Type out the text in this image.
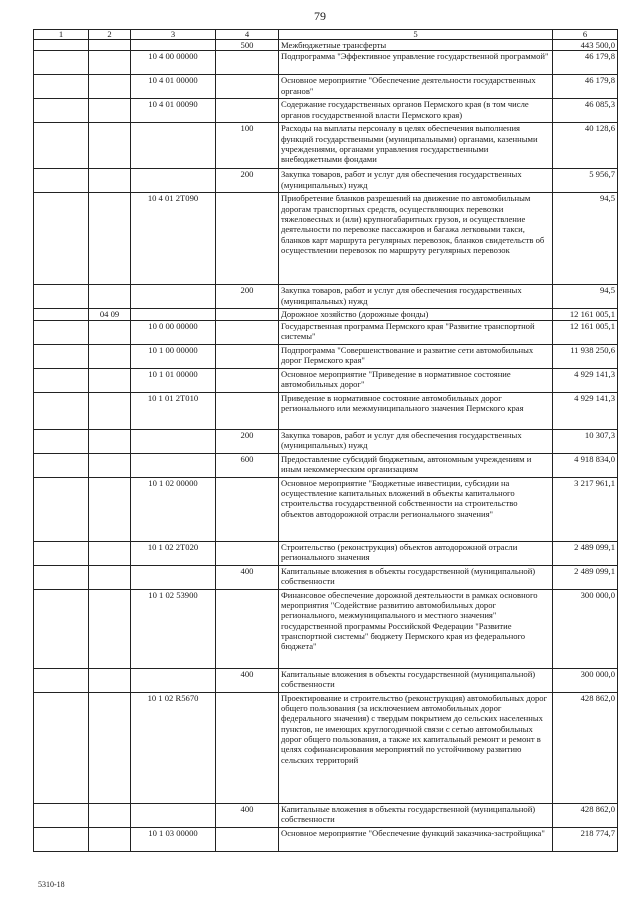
79
1	2	3	4	5	6
			500	Межбюджетные трансферты	443 500,0
		10 4 00 00000		Подпрограмма "Эффективное управление государственной программой"	46 179,8
		10 4 01 00000		Основное мероприятие "Обеспечение деятельности государственных органов"	46 179,8
		10 4 01 00090		Содержание государственных органов Пермского края (в том числе органов государственной власти Пермского края)	46 085,3
			100	Расходы на выплаты персоналу в целях обеспечения выполнения функций государственными (муниципальными) органами, казенными учреждениями, органами управления государственными внебюджетными фондами	40 128,6
			200	Закупка товаров, работ и услуг для обеспечения государственных (муниципальных) нужд	5 956,7
		10 4 01 2Т090		Приобретение бланков разрешений на движение по автомобильным дорогам транспортных средств, осуществляющих перевозки тяжеловесных и (или) крупногабаритных грузов, и осуществление деятельности по перевозке пассажиров и багажа легковыми такси, бланков карт маршрута регулярных перевозок, бланков свидетельств об осуществлении перевозок по маршруту регулярных перевозок	94,5
			200	Закупка товаров, работ и услуг для обеспечения государственных (муниципальных) нужд	94,5
	04 09			Дорожное хозяйство (дорожные фонды)	12 161 005,1
		10 0 00 00000		Государственная программа Пермского края "Развитие транспортной системы"	12 161 005,1
		10 1 00 00000		Подпрограмма "Совершенствование и развитие сети автомобильных дорог Пермского края"	11 938 250,6
		10 1 01 00000		Основное мероприятие "Приведение в нормативное состояние автомобильных дорог"	4 929 141,3
		10 1 01 2Т010		Приведение в нормативное состояние автомобильных дорог регионального или межмуниципального значения Пермского края	4 929 141,3
			200	Закупка товаров, работ и услуг для обеспечения государственных (муниципальных) нужд	10 307,3
			600	Предоставление субсидий бюджетным, автономным учреждениям и иным некоммерческим организациям	4 918 834,0
		10 1 02 00000		Основное мероприятие "Бюджетные инвестиции, субсидии на осуществление капитальных вложений в объекты капитального строительства государственной собственности на строительство объектов автодорожной отрасли регионального значения"	3 217 961,1
		10 1 02 2Т020		Строительство (реконструкция) объектов автодорожной отрасли регионального значения	2 489 099,1
			400	Капитальные вложения в объекты государственной (муниципальной) собственности	2 489 099,1
		10 1 02 53900		Финансовое обеспечение дорожной деятельности в рамках основного мероприятия "Содействие развитию автомобильных дорог регионального, межмуниципального и местного значения" государственной программы Российской Федерации "Развитие транспортной системы" бюджету Пермского края из федерального бюджета"	300 000,0
			400	Капитальные вложения в объекты государственной (муниципальной) собственности	300 000,0
		10 1 02 R5670		Проектирование и строительство (реконструкция) автомобильных дорог общего пользования (за исключением автомобильных дорог федерального значения) с твердым покрытием до сельских населенных пунктов, не имеющих круглогодичной связи с сетью автомобильных дорог общего пользования, а также их капитальный ремонт и ремонт в целях софинансирования мероприятий по устойчивому развитию сельских территорий	428 862,0
			400	Капитальные вложения в объекты государственной (муниципальной) собственности	428 862,0
		10 1 03 00000		Основное мероприятие "Обеспечение функций заказчика-застройщика"	218 774,7
5310-18
